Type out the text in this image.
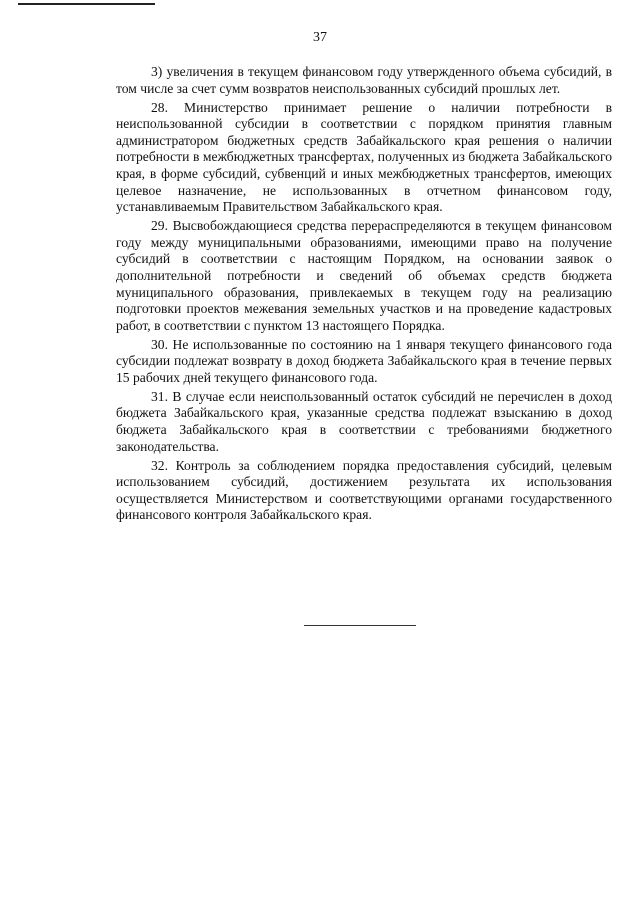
37

3) увеличения в текущем финансовом году утвержденного объема субсидий, в том числе за счет сумм возвратов неиспользованных субсидий прошлых лет.

28. Министерство принимает решение о наличии потребности в неиспользованной субсидии в соответствии с порядком принятия главным администратором бюджетных средств Забайкальского края решения о наличии потребности в межбюджетных трансфертах, полученных из бюджета Забайкальского края, в форме субсидий, субвенций и иных межбюджетных трансфертов, имеющих целевое назначение, не использованных в отчетном финансовом году, устанавливаемым Правительством Забайкальского края.

29. Высвобождающиеся средства перераспределяются в текущем финансовом году между муниципальными образованиями, имеющими право на получение субсидий в соответствии с настоящим Порядком, на основании заявок о дополнительной потребности и сведений об объемах средств бюджета муниципального образования, привлекаемых в текущем году на реализацию подготовки проектов межевания земельных участков и на проведение кадастровых работ, в соответствии с пунктом 13 настоящего Порядка.

30. Не использованные по состоянию на 1 января текущего финансового года субсидии подлежат возврату в доход бюджета Забайкальского края в течение первых 15 рабочих дней текущего финансового года.

31. В случае если неиспользованный остаток субсидий не перечислен в доход бюджета Забайкальского края, указанные средства подлежат взысканию в доход бюджета Забайкальского края в соответствии с требованиями бюджетного законодательства.

32. Контроль за соблюдением порядка предоставления субсидий, целевым использованием субсидий, достижением результата их использования осуществляется Министерством и соответствующими органами государственного финансового контроля Забайкальского края.
